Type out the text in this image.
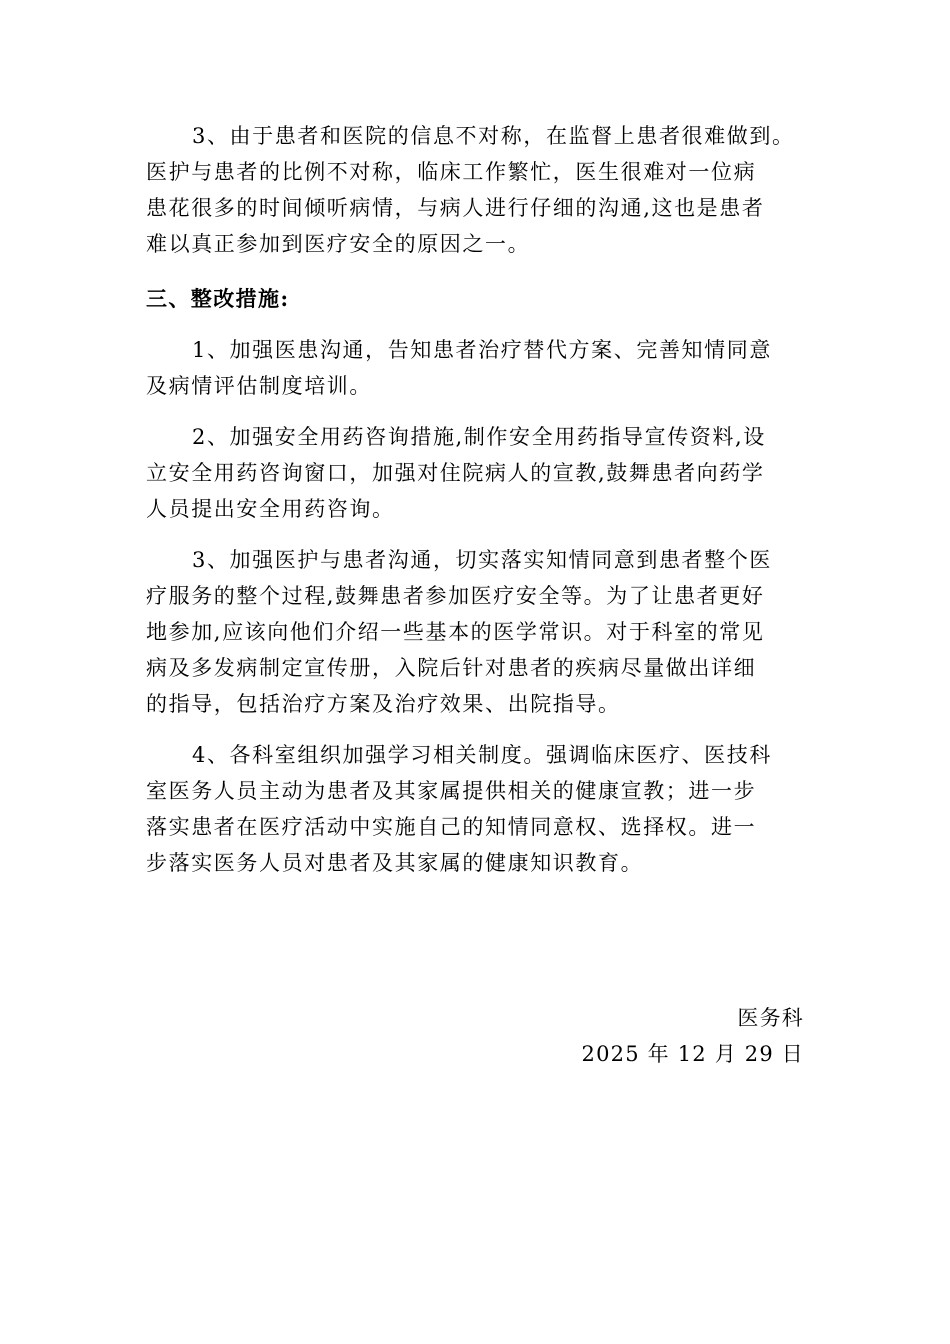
3、由于患者和医院的信息不对称，在监督上患者很难做到。
医护与患者的比例不对称，临床工作繁忙，医生很难对一位病
患花很多的时间倾听病情，与病人进行仔细的沟通,这也是患者
难以真正参加到医疗安全的原因之一。
三、整改措施:
1、加强医患沟通，告知患者治疗替代方案、完善知情同意
及病情评估制度培训。
2、加强安全用药咨询措施,制作安全用药指导宣传资料,设
立安全用药咨询窗口，加强对住院病人的宣教,鼓舞患者向药学
人员提出安全用药咨询。
3、加强医护与患者沟通，切实落实知情同意到患者整个医
疗服务的整个过程,鼓舞患者参加医疗安全等。为了让患者更好
地参加,应该向他们介绍一些基本的医学常识。对于科室的常见
病及多发病制定宣传册，入院后针对患者的疾病尽量做出详细
的指导，包括治疗方案及治疗效果、出院指导。
4、各科室组织加强学习相关制度。强调临床医疗、医技科
室医务人员主动为患者及其家属提供相关的健康宣教；进一步
落实患者在医疗活动中实施自己的知情同意权、选择权。进一
步落实医务人员对患者及其家属的健康知识教育。
医务科
2025 年 12 月 29 日
